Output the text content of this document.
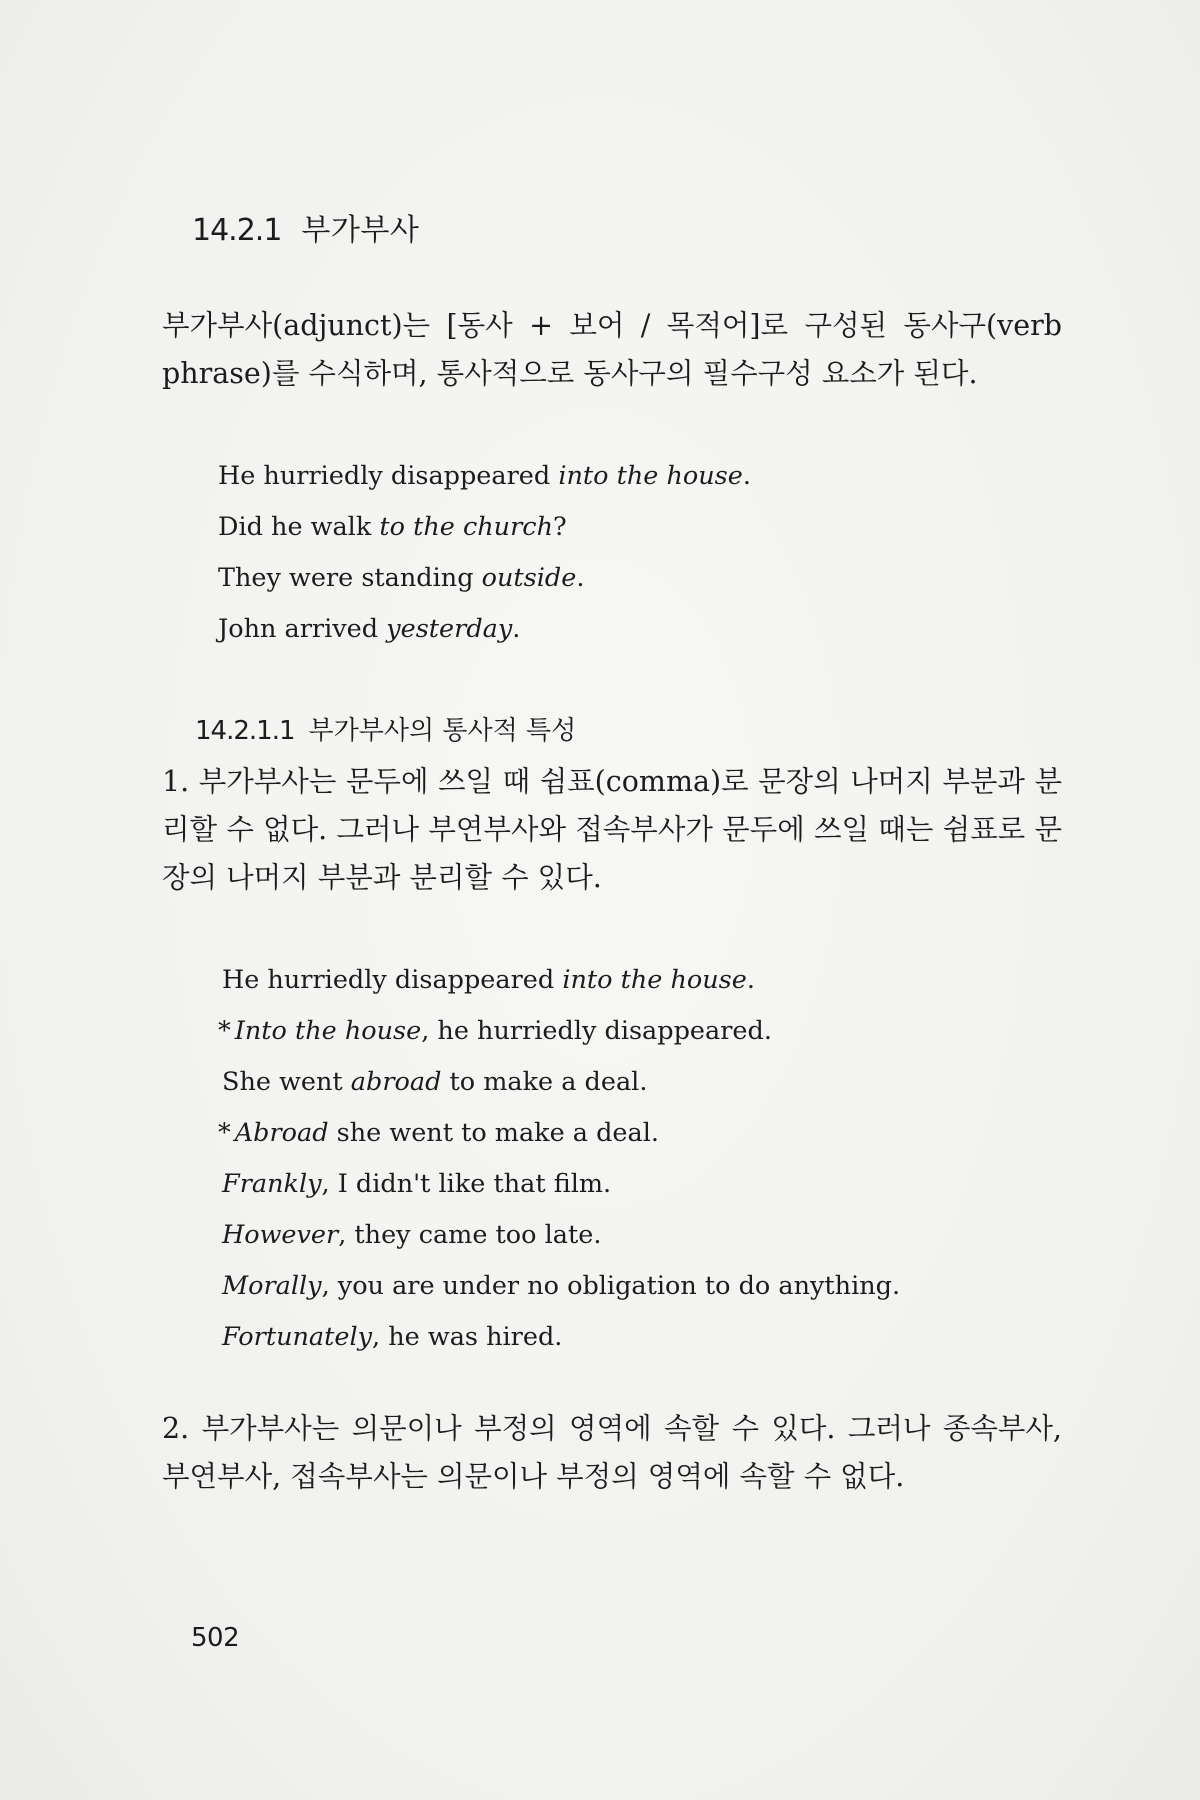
14.2.1 부가부사
부가부사(adjunct)는 [동사 + 보어 / 목적어]로 구성된 동사구(verb phrase)를 수식하며, 통사적으로 동사구의 필수구성 요소가 된다.
He hurriedly disappeared into the house.
Did he walk to the church?
They were standing outside.
John arrived yesterday.
14.2.1.1 부가부사의 통사적 특성
1. 부가부사는 문두에 쓰일 때 쉼표(comma)로 문장의 나머지 부분과 분리할 수 없다. 그러나 부연부사와 접속부사가 문두에 쓰일 때는 쉼표로 문장의 나머지 부분과 분리할 수 있다.
He hurriedly disappeared into the house.
* Into the house, he hurriedly disappeared.
She went abroad to make a deal.
* Abroad she went to make a deal.
Frankly, I didn't like that film.
However, they came too late.
Morally, you are under no obligation to do anything.
Fortunately, he was hired.
2. 부가부사는 의문이나 부정의 영역에 속할 수 있다. 그러나 종속부사, 부연부사, 접속부사는 의문이나 부정의 영역에 속할 수 없다.
502
